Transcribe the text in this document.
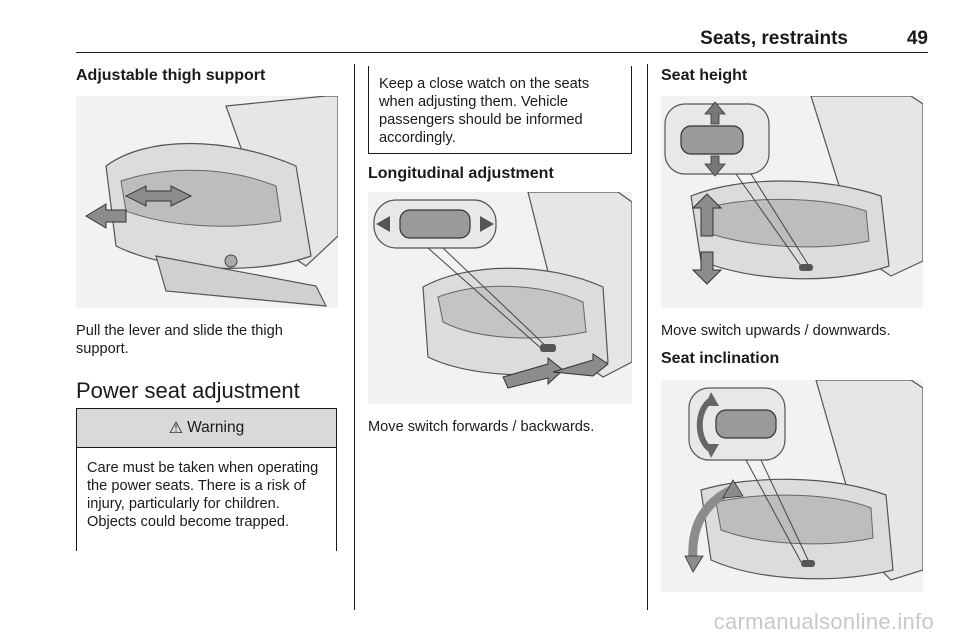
Seats, restraints	49
Adjustable thigh support

Pull the lever and slide the thigh support.

Power seat adjustment
⚠ Warning
Care must be taken when operating the power seats. There is a risk of injury, particularly for children. Objects could become trapped.
Keep a close watch on the seats when adjusting them. Vehicle passengers should be informed accordingly.
Longitudinal adjustment

Move switch forwards / backwards.

Seat height

Move switch upwards / downwards.

Seat inclination
carmanualsonline.info
